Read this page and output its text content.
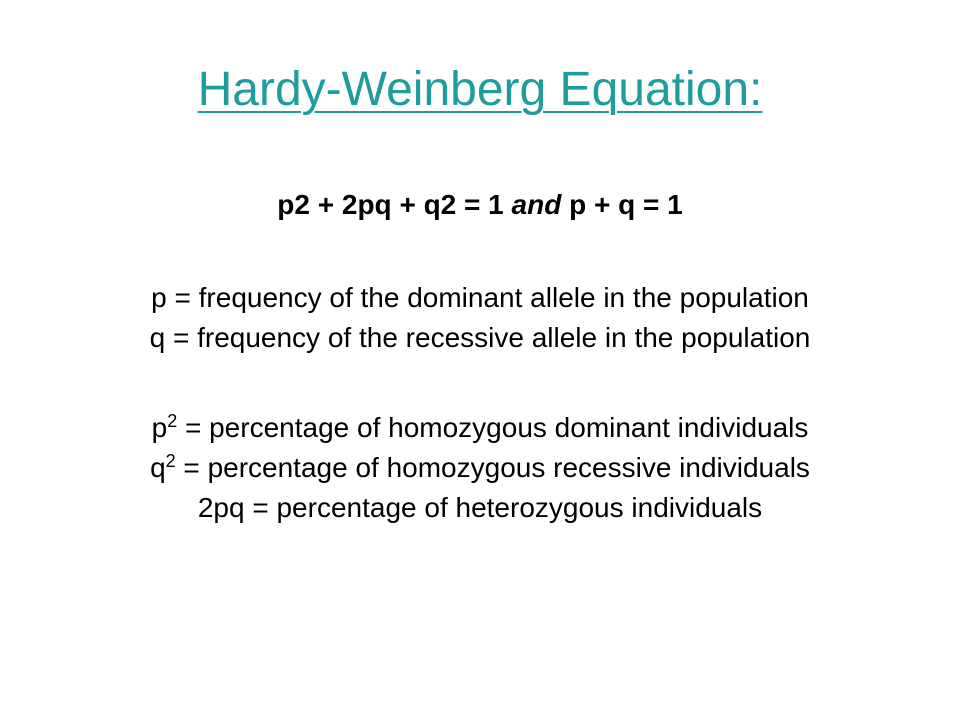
Hardy-Weinberg Equation:
p2 + 2pq + q2 = 1 and p + q = 1
p = frequency of the dominant allele in the population
q = frequency of the recessive allele in the population
$p^2$ = percentage of homozygous dominant individuals
$q^2$ = percentage of homozygous recessive individuals
2pq = percentage of heterozygous individuals
